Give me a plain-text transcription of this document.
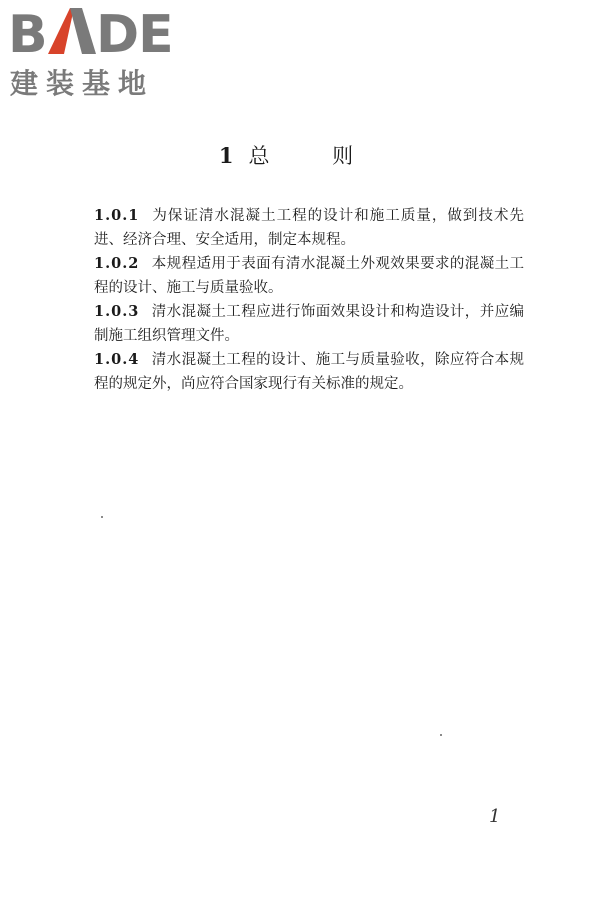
B DE
建装基地
1 总 则

1.0.1 为保证清水混凝土工程的设计和施工质量，做到技术先进、经济合理、安全适用，制定本规程。

1.0.2 本规程适用于表面有清水混凝土外观效果要求的混凝土工程的设计、施工与质量验收。

1.0.3 清水混凝土工程应进行饰面效果设计和构造设计，并应编制施工组织管理文件。

1.0.4 清水混凝土工程的设计、施工与质量验收，除应符合本规程的规定外，尚应符合国家现行有关标准的规定。

1
